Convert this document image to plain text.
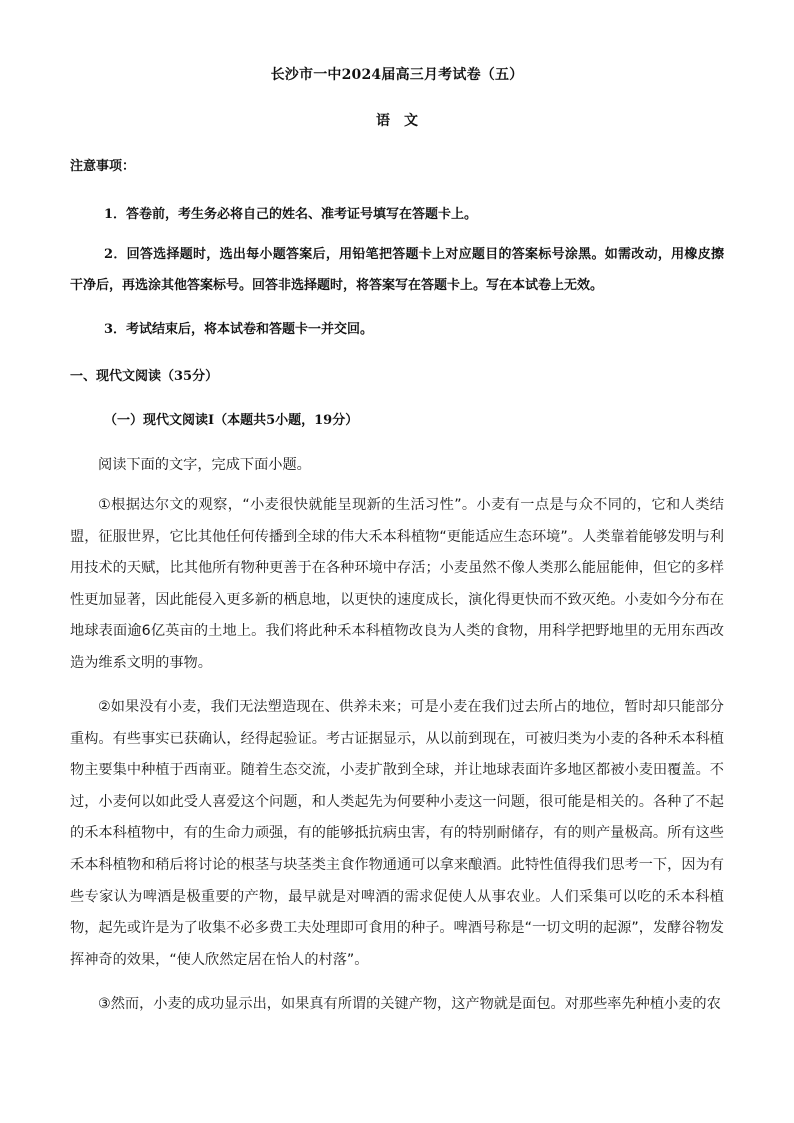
长沙市一中2024届高三月考试卷（五）
语文
注意事项：
1．答卷前，考生务必将自己的姓名、准考证号填写在答题卡上。
2．回答选择题时，选出每小题答案后，用铅笔把答题卡上对应题目的答案标号涂黑。如需改动，用橡皮擦干净后，再选涂其他答案标号。回答非选择题时，将答案写在答题卡上。写在本试卷上无效。
3．考试结束后，将本试卷和答题卡一并交回。
一、现代文阅读（35分）
（一）现代文阅读Ⅰ（本题共5小题，19分）
阅读下面的文字，完成下面小题。
①根据达尔文的观察，“小麦很快就能呈现新的生活习性”。小麦有一点是与众不同的，它和人类结盟，征服世界，它比其他任何传播到全球的伟大禾本科植物“更能适应生态环境”。人类靠着能够发明与利用技术的天赋，比其他所有物种更善于在各种环境中存活；小麦虽然不像人类那么能屈能伸，但它的多样性更加显著，因此能侵入更多新的栖息地，以更快的速度成长，演化得更快而不致灭绝。小麦如今分布在地球表面逾6亿英亩的土地上。我们将此种禾本科植物改良为人类的食物，用科学把野地里的无用东西改造为维系文明的事物。
②如果没有小麦，我们无法塑造现在、供养未来；可是小麦在我们过去所占的地位，暂时却只能部分重构。有些事实已获确认，经得起验证。考古证据显示，从以前到现在，可被归类为小麦的各种禾本科植物主要集中种植于西南亚。随着生态交流，小麦扩散到全球，并让地球表面许多地区都被小麦田覆盖。不过，小麦何以如此受人喜爱这个问题，和人类起先为何要种小麦这一问题，很可能是相关的。各种了不起的禾本科植物中，有的生命力顽强，有的能够抵抗病虫害，有的特别耐储存，有的则产量极高。所有这些禾本科植物和稍后将讨论的根茎与块茎类主食作物通通可以拿来酿酒。此特性值得我们思考一下，因为有些专家认为啤酒是极重要的产物，最早就是对啤酒的需求促使人从事农业。人们采集可以吃的禾本科植物，起先或许是为了收集不必多费工夫处理即可食用的种子。啤酒号称是“一切文明的起源”，发酵谷物发挥神奇的效果，“使人欣然定居在怡人的村落”。
③然而，小麦的成功显示出，如果真有所谓的关键产物，这产物就是面包。对那些率先种植小麦的农
